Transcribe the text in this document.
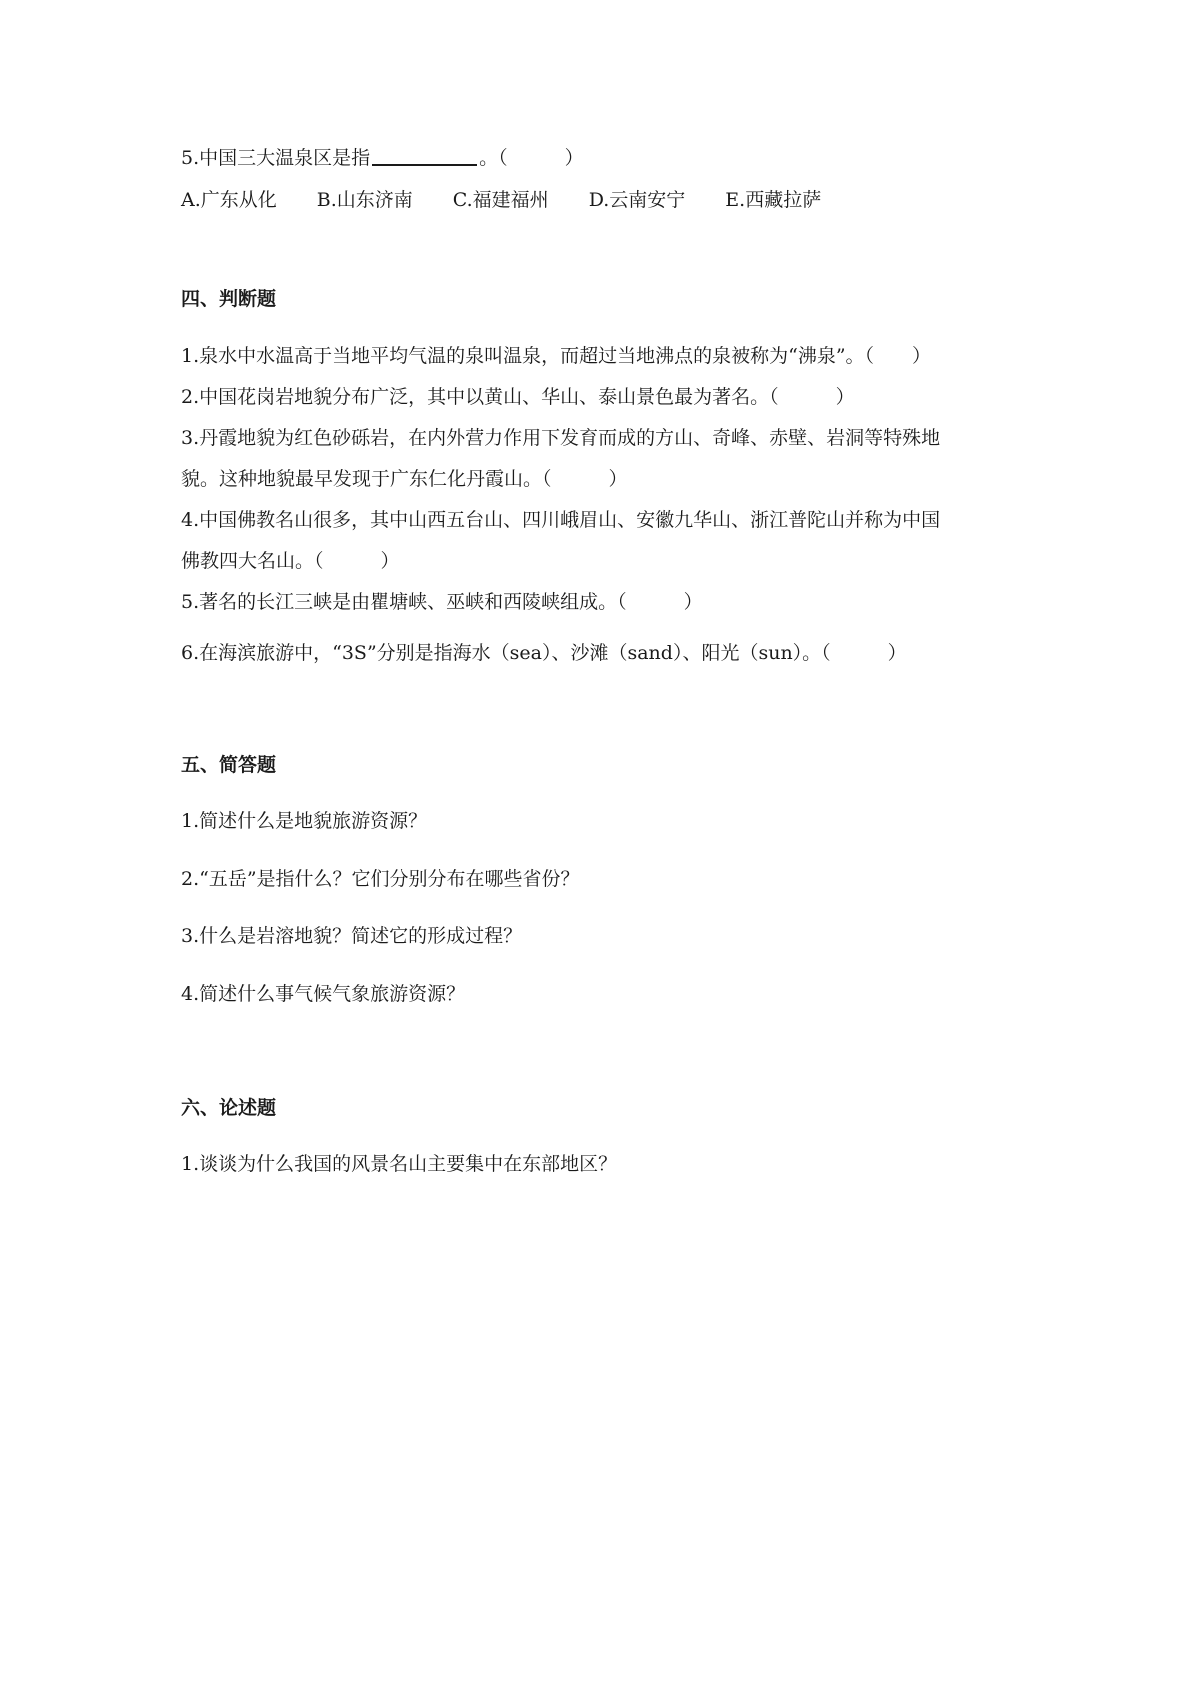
5.中国三大温泉区是指	。（　　　）
A.广东从化 B.山东济南 C.福建福州 D.云南安宁 E.西藏拉萨
四、判断题
1.泉水中水温高于当地平均气温的泉叫温泉，而超过当地沸点的泉被称为“沸泉”。（　　）
2.中国花岗岩地貌分布广泛，其中以黄山、华山、泰山景色最为著名。（　　　）
3.丹霞地貌为红色砂砾岩，在内外营力作用下发育而成的方山、奇峰、赤壁、岩洞等特殊地
貌。这种地貌最早发现于广东仁化丹霞山。（　　　）
4.中国佛教名山很多，其中山西五台山、四川峨眉山、安徽九华山、浙江普陀山并称为中国
佛教四大名山。（　　　）
5.著名的长江三峡是由瞿塘峡、巫峡和西陵峡组成。（　　　）
6.在海滨旅游中，“3S”分别是指海水（sea）、沙滩（sand）、阳光（sun）。（　　　）
五、简答题
1.简述什么是地貌旅游资源？
2.“五岳”是指什么？它们分别分布在哪些省份？
3.什么是岩溶地貌？简述它的形成过程？
4.简述什么事气候气象旅游资源？
六、论述题
1.谈谈为什么我国的风景名山主要集中在东部地区？
